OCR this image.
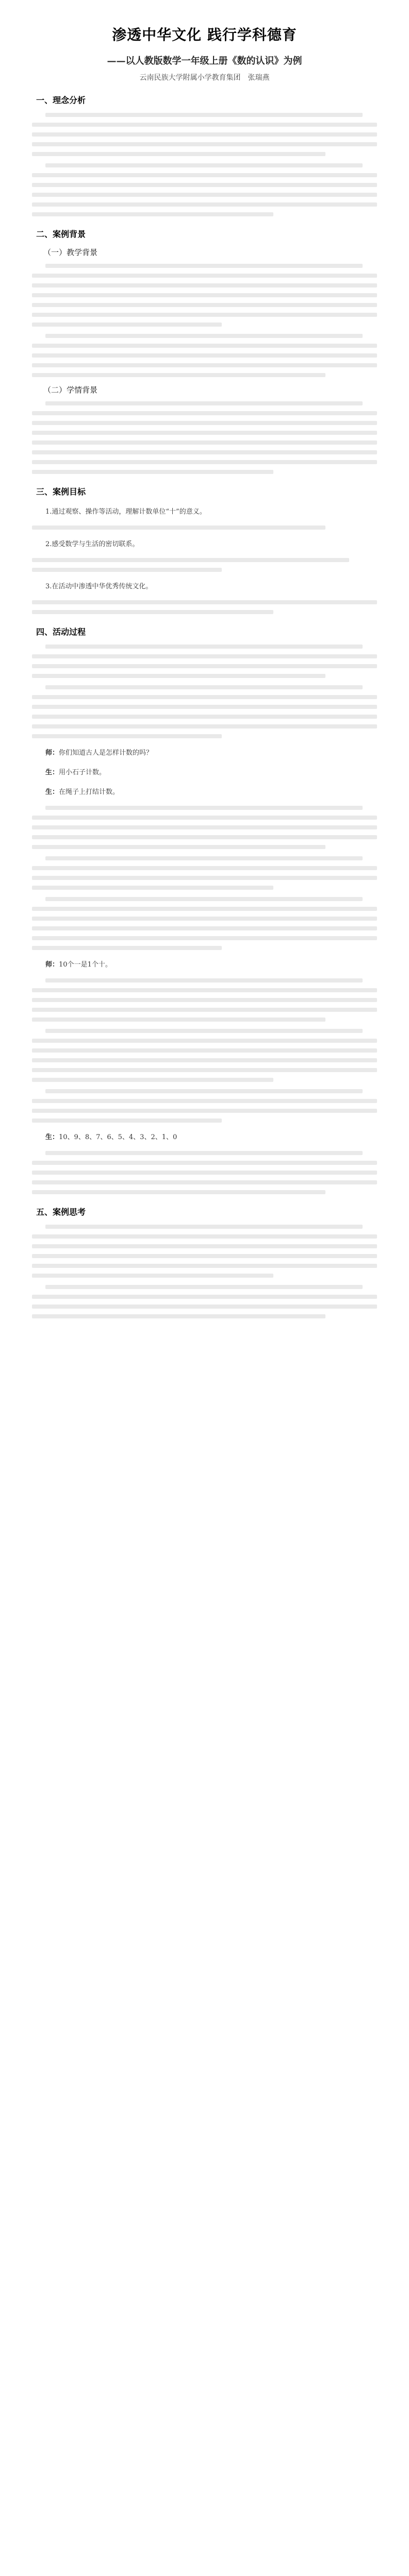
渗透中华文化 践行学科德育
——以人教版数学一年级上册《数的认识》为例
云南民族大学附属小学教育集团　张瑞燕
一、理念分析
二、案例背景
（一）教学背景
（二）学情背景
三、案例目标
1.通过观察、操作等活动，理解计数单位“十”的意义。
2.感受数学与生活的密切联系。
3.在活动中渗透中华优秀传统文化。
四、活动过程
师：你们知道古人是怎样计数的吗？
生：用小石子计数。
生：在绳子上打结计数。
师：10个一是1个十。
生：10、9、8、7、6、5、4、3、2、1、0
五、案例思考
